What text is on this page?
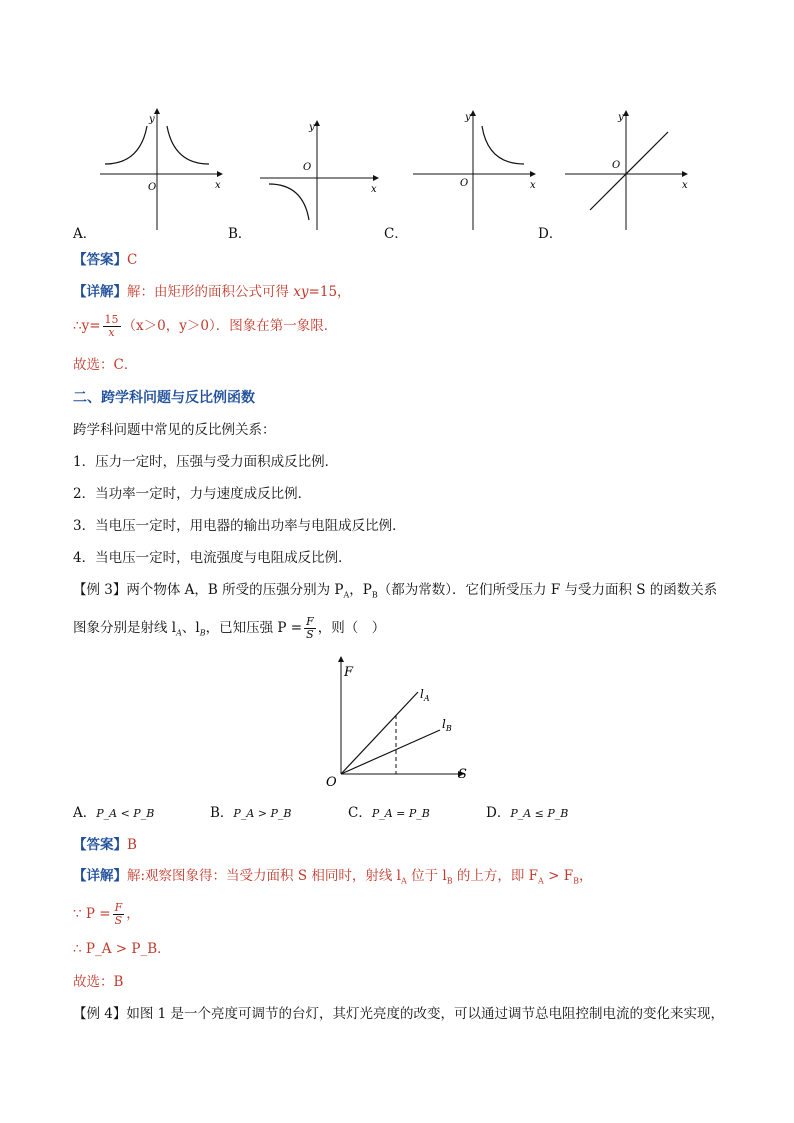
O	x
y
O
x
y
O	x
y
O
x
y
A．	B．	C．	D．
【答案】C
【详解】解：由矩形的面积公式可得 xy=15，
∴y= $\frac{15}{x} (x>0$，y＞0）．图象在第一象限．
故选：C．
二、跨学科问题与反比例函数
跨学科问题中常见的反比例关系：
1．压力一定时，压强与受力面积成反比例．
2．当功率一定时，力与速度成反比例．
3．当电压一定时，用电器的输出功率与电阻成反比例．
4．当电压一定时，电流强度与电阻成反比例．
【例 3】两个物体 A，B 所受的压强分别为 $P_A$，$P_B$（都为常数）．它们所受压力 F 与受力面积 S 的函数关系
图象分别是射线 $l_A$、$l_B$，已知压强 $P = \frac{F}{S}$ ，则（　）
F
S
O
$l_A$
$l_B$
A．P_A < P_B	B．P_A > P_B	C．P_A = P_B	D．P_A ≤ P_B
【答案】B
【详解】解:观察图象得：当受力面积 S 相同时，射线 $l_A$ 位于 $l_B$ 的上方，即 $F_A > F_B$，
∵ $P = \frac{F}{S}$ ，
∴ P_A > P_B．
故选：B
【例 4】如图 1 是一个亮度可调节的台灯，其灯光亮度的改变，可以通过调节总电阻控制电流的变化来实现，
